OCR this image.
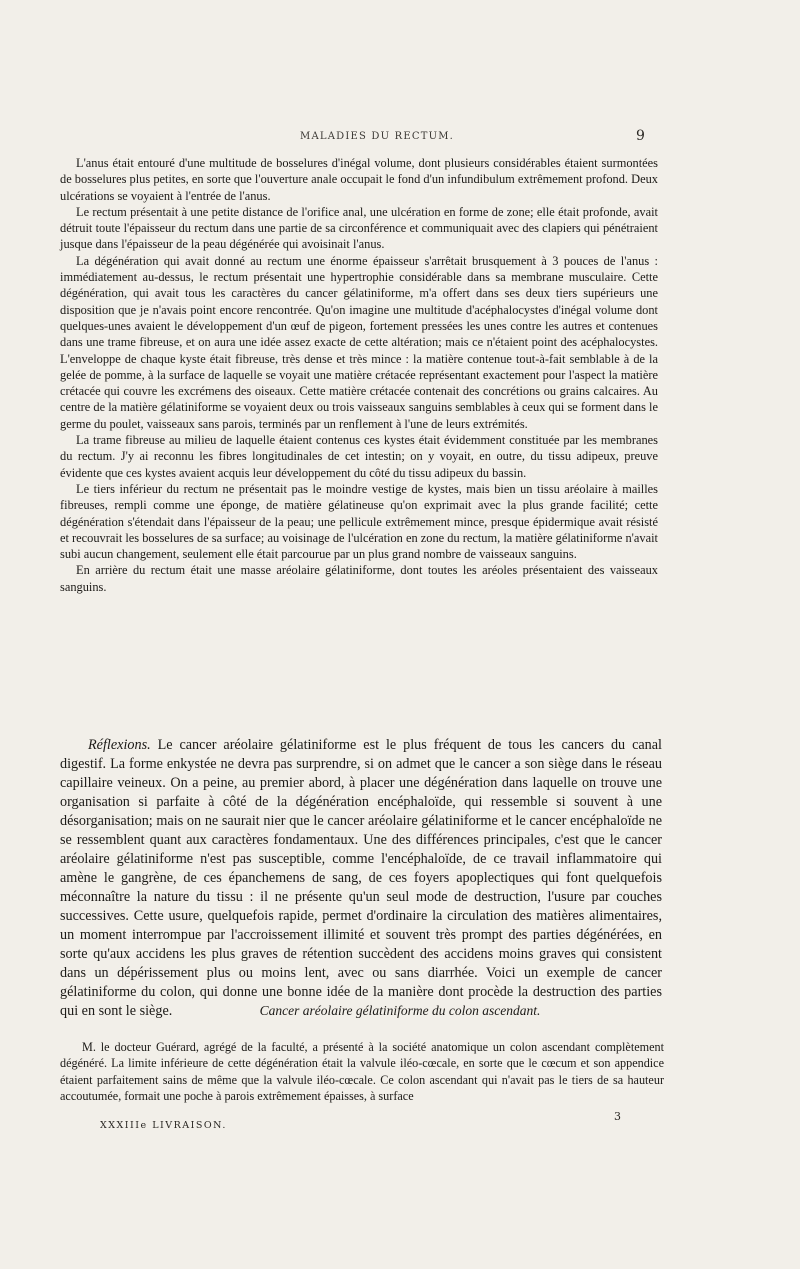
MALADIES DU RECTUM.	9

L'anus était entouré d'une multitude de bosselures d'inégal volume, dont plusieurs considérables étaient surmontées de bosselures plus petites, en sorte que l'ouverture anale occupait le fond d'un infundibulum extrêmement profond. Deux ulcérations se voyaient à l'entrée de l'anus.

Le rectum présentait à une petite distance de l'orifice anal, une ulcération en forme de zone; elle était profonde, avait détruit toute l'épaisseur du rectum dans une partie de sa circonférence et communiquait avec des clapiers qui pénétraient jusque dans l'épaisseur de la peau dégénérée qui avoisinait l'anus.

La dégénération qui avait donné au rectum une énorme épaisseur s'arrêtait brusquement à 3 pouces de l'anus : immédiatement au-dessus, le rectum présentait une hypertrophie considérable dans sa membrane musculaire. Cette dégénération, qui avait tous les caractères du cancer gélatiniforme, m'a offert dans ses deux tiers supérieurs une disposition que je n'avais point encore rencontrée. Qu'on imagine une multitude d'acéphalocystes d'inégal volume dont quelques-unes avaient le développement d'un œuf de pigeon, fortement pressées les unes contre les autres et contenues dans une trame fibreuse, et on aura une idée assez exacte de cette altération; mais ce n'étaient point des acéphalocystes. L'enveloppe de chaque kyste était fibreuse, très dense et très mince : la matière contenue tout-à-fait semblable à de la gelée de pomme, à la surface de laquelle se voyait une matière crétacée représentant exactement pour l'aspect la matière crétacée qui couvre les excrémens des oiseaux. Cette matière crétacée contenait des concrétions ou grains calcaires. Au centre de la matière gélatiniforme se voyaient deux ou trois vaisseaux sanguins semblables à ceux qui se forment dans le germe du poulet, vaisseaux sans parois, terminés par un renflement à l'une de leurs extrémités.

La trame fibreuse au milieu de laquelle étaient contenus ces kystes était évidemment constituée par les membranes du rectum. J'y ai reconnu les fibres longitudinales de cet intestin; on y voyait, en outre, du tissu adipeux, preuve évidente que ces kystes avaient acquis leur développement du côté du tissu adipeux du bassin.

Le tiers inférieur du rectum ne présentait pas le moindre vestige de kystes, mais bien un tissu aréolaire à mailles fibreuses, rempli comme une éponge, de matière gélatineuse qu'on exprimait avec la plus grande facilité; cette dégénération s'étendait dans l'épaisseur de la peau; une pellicule extrêmement mince, presque épidermique avait résisté et recouvrait les bosselures de sa surface; au voisinage de l'ulcération en zone du rectum, la matière gélatiniforme n'avait subi aucun changement, seulement elle était parcourue par un plus grand nombre de vaisseaux sanguins.

En arrière du rectum était une masse aréolaire gélatiniforme, dont toutes les aréoles présentaient des vaisseaux sanguins.

Réflexions. Le cancer aréolaire gélatiniforme est le plus fréquent de tous les cancers du canal digestif. La forme enkystée ne devra pas surprendre, si on admet que le cancer a son siège dans le réseau capillaire veineux. On a peine, au premier abord, à placer une dégénération dans laquelle on trouve une organisation si parfaite à côté de la dégénération encéphaloïde, qui ressemble si souvent à une désorganisation; mais on ne saurait nier que le cancer aréolaire gélatiniforme et le cancer encéphaloïde ne se ressemblent quant aux caractères fondamentaux. Une des différences principales, c'est que le cancer aréolaire gélatiniforme n'est pas susceptible, comme l'encéphaloïde, de ce travail inflammatoire qui amène le gangrène, de ces épanchemens de sang, de ces foyers apoplectiques qui font quelquefois méconnaître la nature du tissu : il ne présente qu'un seul mode de destruction, l'usure par couches successives. Cette usure, quelquefois rapide, permet d'ordinaire la circulation des matières alimentaires, un moment interrompue par l'accroissement illimité et souvent très prompt des parties dégénérées, en sorte qu'aux accidens les plus graves de rétention succèdent des accidens moins graves qui consistent dans un dépérissement plus ou moins lent, avec ou sans diarrhée. Voici un exemple de cancer gélatiniforme du colon, qui donne une bonne idée de la manière dont procède la destruction des parties qui en sont le siège.	Cancer aréolaire gélatiniforme du colon ascendant.

M. le docteur Guérard, agrégé de la faculté, a présenté à la société anatomique un colon ascendant complètement dégénéré. La limite inférieure de cette dégénération était la valvule iléo-cœcale, en sorte que le cœcum et son appendice étaient parfaitement sains de même que la valvule iléo-cœcale. Ce colon ascendant qui n'avait pas le tiers de sa hauteur accoutumée, formait une poche à parois extrêmement épaisses, à surface

XXXIIIe LIVRAISON.
3
